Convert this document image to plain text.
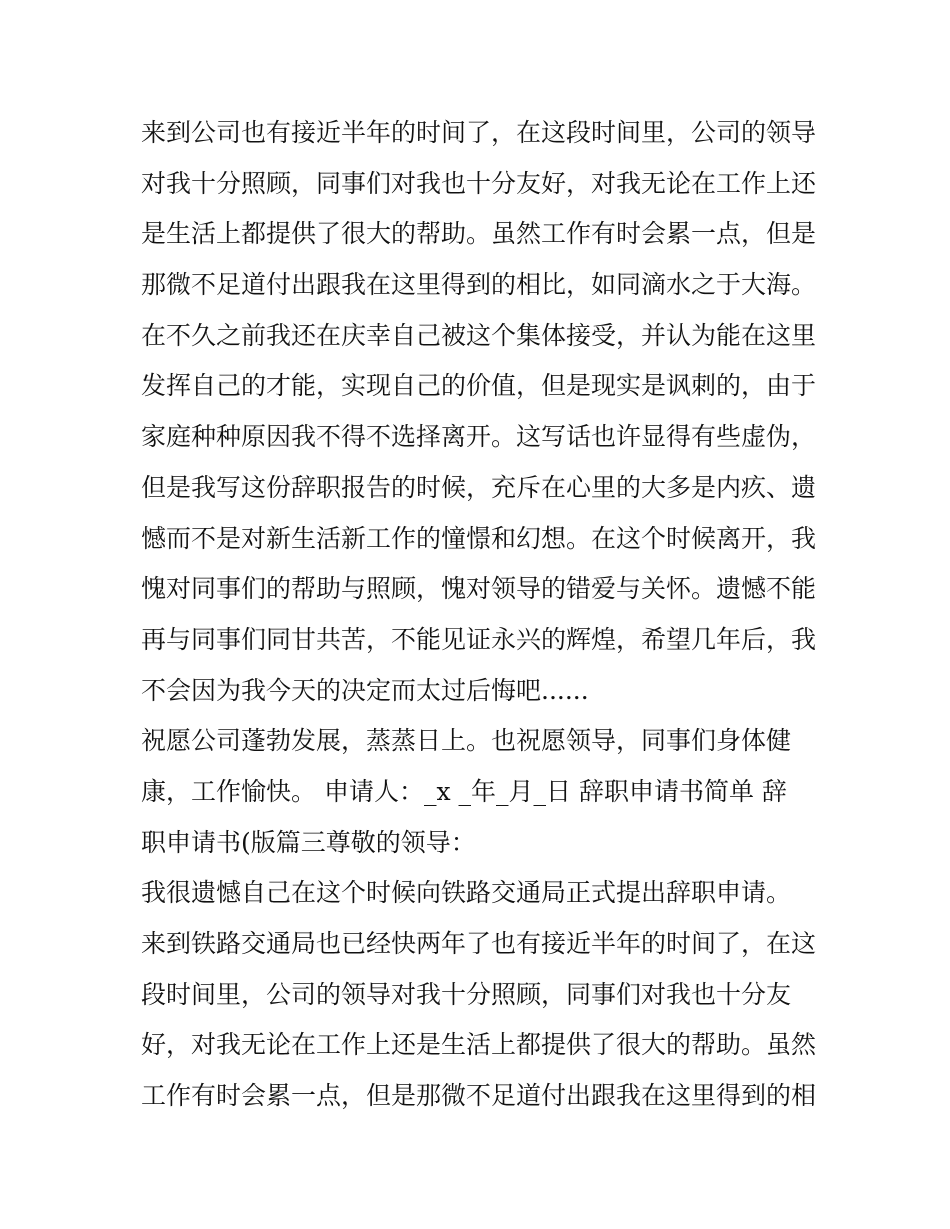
来到公司也有接近半年的时间了，在这段时间里，公司的领导
对我十分照顾，同事们对我也十分友好，对我无论在工作上还
是生活上都提供了很大的帮助。虽然工作有时会累一点，但是
那微不足道付出跟我在这里得到的相比，如同滴水之于大海。
在不久之前我还在庆幸自己被这个集体接受，并认为能在这里
发挥自己的才能，实现自己的价值，但是现实是讽刺的，由于
家庭种种原因我不得不选择离开。这写话也许显得有些虚伪，
但是我写这份辞职报告的时候，充斥在心里的大多是内疚、遗
憾而不是对新生活新工作的憧憬和幻想。在这个时候离开，我
愧对同事们的帮助与照顾，愧对领导的错爱与关怀。遗憾不能
再与同事们同甘共苦，不能见证永兴的辉煌，希望几年后，我
不会因为我今天的决定而太过后悔吧......
祝愿公司蓬勃发展，蒸蒸日上。也祝愿领导，同事们身体健
康，工作愉快。 申请人：_x _年_月_日 辞职申请书简单 辞
职申请书(版篇三尊敬的领导：
我很遗憾自己在这个时候向铁路交通局正式提出辞职申请。
来到铁路交通局也已经快两年了也有接近半年的时间了，在这
段时间里，公司的领导对我十分照顾，同事们对我也十分友
好，对我无论在工作上还是生活上都提供了很大的帮助。虽然
工作有时会累一点，但是那微不足道付出跟我在这里得到的相
